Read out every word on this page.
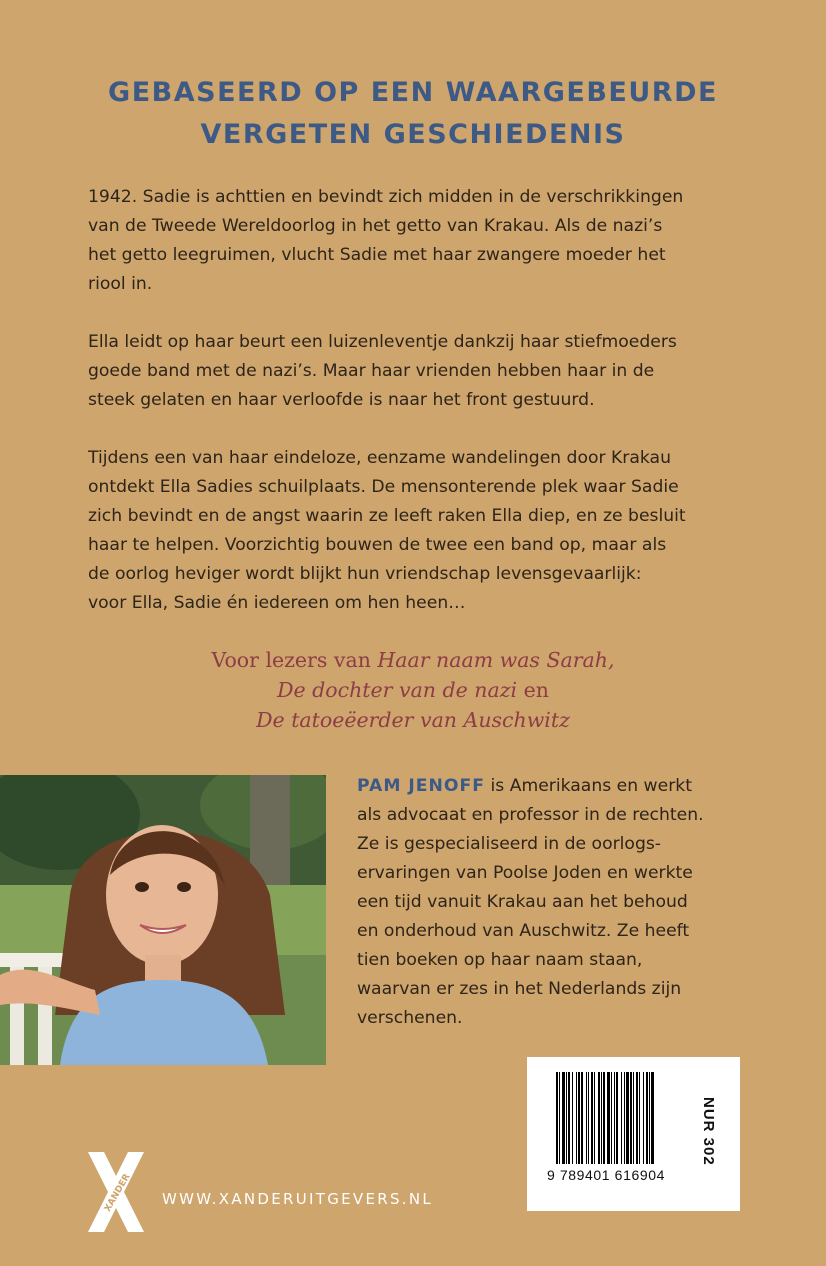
GEBASEERD OP EEN WAARGEBEURDE
VERGETEN GESCHIEDENIS

1942. Sadie is achttien en bevindt zich midden in de verschrikkingen
van de Tweede Wereldoorlog in het getto van Krakau. Als de nazi’s
het getto leegruimen, vlucht Sadie met haar zwangere moeder het
riool in.

Ella leidt op haar beurt een luizenleventje dankzij haar stiefmoeders
goede band met de nazi’s. Maar haar vrienden hebben haar in de
steek gelaten en haar verloofde is naar het front gestuurd.

Tijdens een van haar eindeloze, eenzame wandelingen door Krakau
ontdekt Ella Sadies schuilplaats. De mensonterende plek waar Sadie
zich bevindt en de angst waarin ze leeft raken Ella diep, en ze besluit
haar te helpen. Voorzichtig bouwen de twee een band op, maar als
de oorlog heviger wordt blijkt hun vriendschap levensgevaarlijk:
voor Ella, Sadie én iedereen om hen heen…

Voor lezers van Haar naam was Sarah,
De dochter van de nazi en
De tatoeëerder van Auschwitz
PAM JENOFF is Amerikaans en werkt
als advocaat en professor in de rechten.
Ze is gespecialiseerd in de oorlogs-
ervaringen van Poolse Joden en werkte
een tijd vanuit Krakau aan het behoud
en onderhoud van Auschwitz. Ze heeft
tien boeken op haar naam staan,
waarvan er zes in het Nederlands zijn
verschenen.
9 789401 616904
NUR 302
XANDER WWW.XANDERUITGEVERS.NL
